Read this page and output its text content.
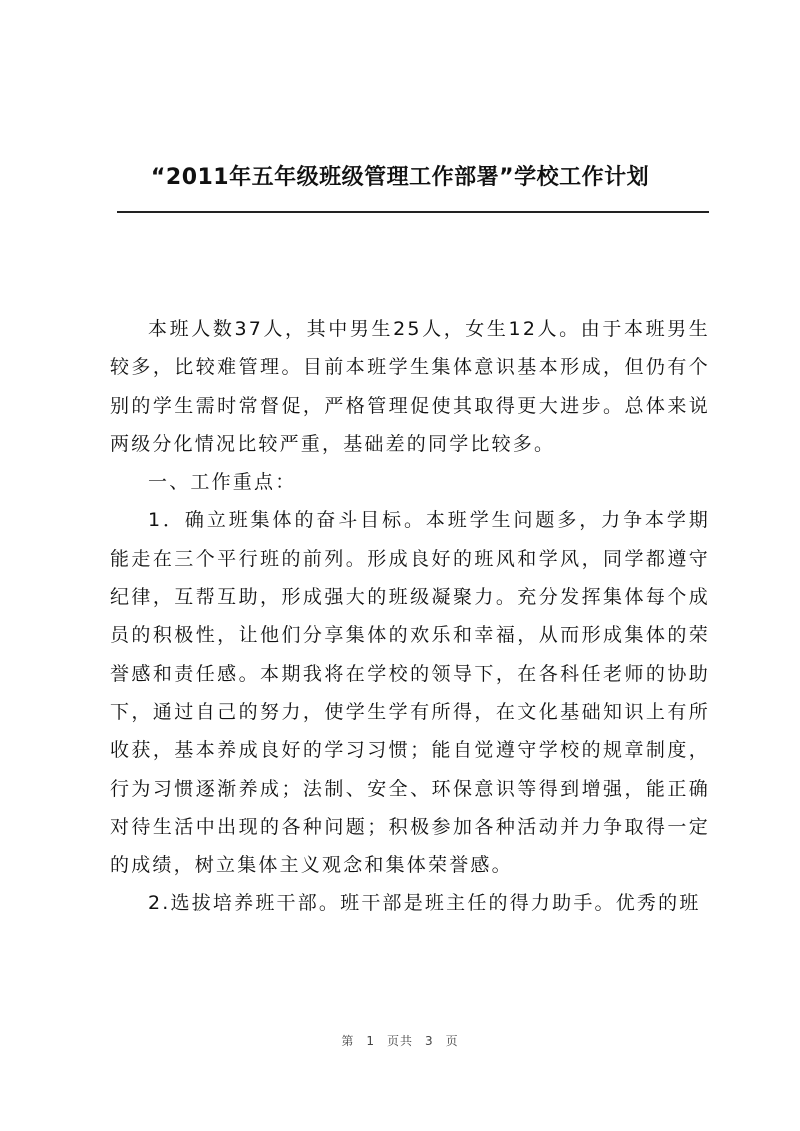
“2011年五年级班级管理工作部署”学校工作计划

本班人数37人，其中男生25人，女生12人。由于本班男生较多，比较难管理。目前本班学生集体意识基本形成，但仍有个别的学生需时常督促，严格管理促使其取得更大进步。总体来说两级分化情况比较严重，基础差的同学比较多。

一、工作重点：

1．确立班集体的奋斗目标。本班学生问题多，力争本学期能走在三个平行班的前列。形成良好的班风和学风，同学都遵守纪律，互帮互助，形成强大的班级凝聚力。充分发挥集体每个成员的积极性，让他们分享集体的欢乐和幸福，从而形成集体的荣誉感和责任感。本期我将在学校的领导下，在各科任老师的协助下，通过自己的努力，使学生学有所得，在文化基础知识上有所收获，基本养成良好的学习习惯；能自觉遵守学校的规章制度，行为习惯逐渐养成；法制、安全、环保意识等得到增强，能正确对待生活中出现的各种问题；积极参加各种活动并力争取得一定的成绩，树立集体主义观念和集体荣誉感。

2.选拔培养班干部。班干部是班主任的得力助手。优秀的班

第 1 页共 3 页
